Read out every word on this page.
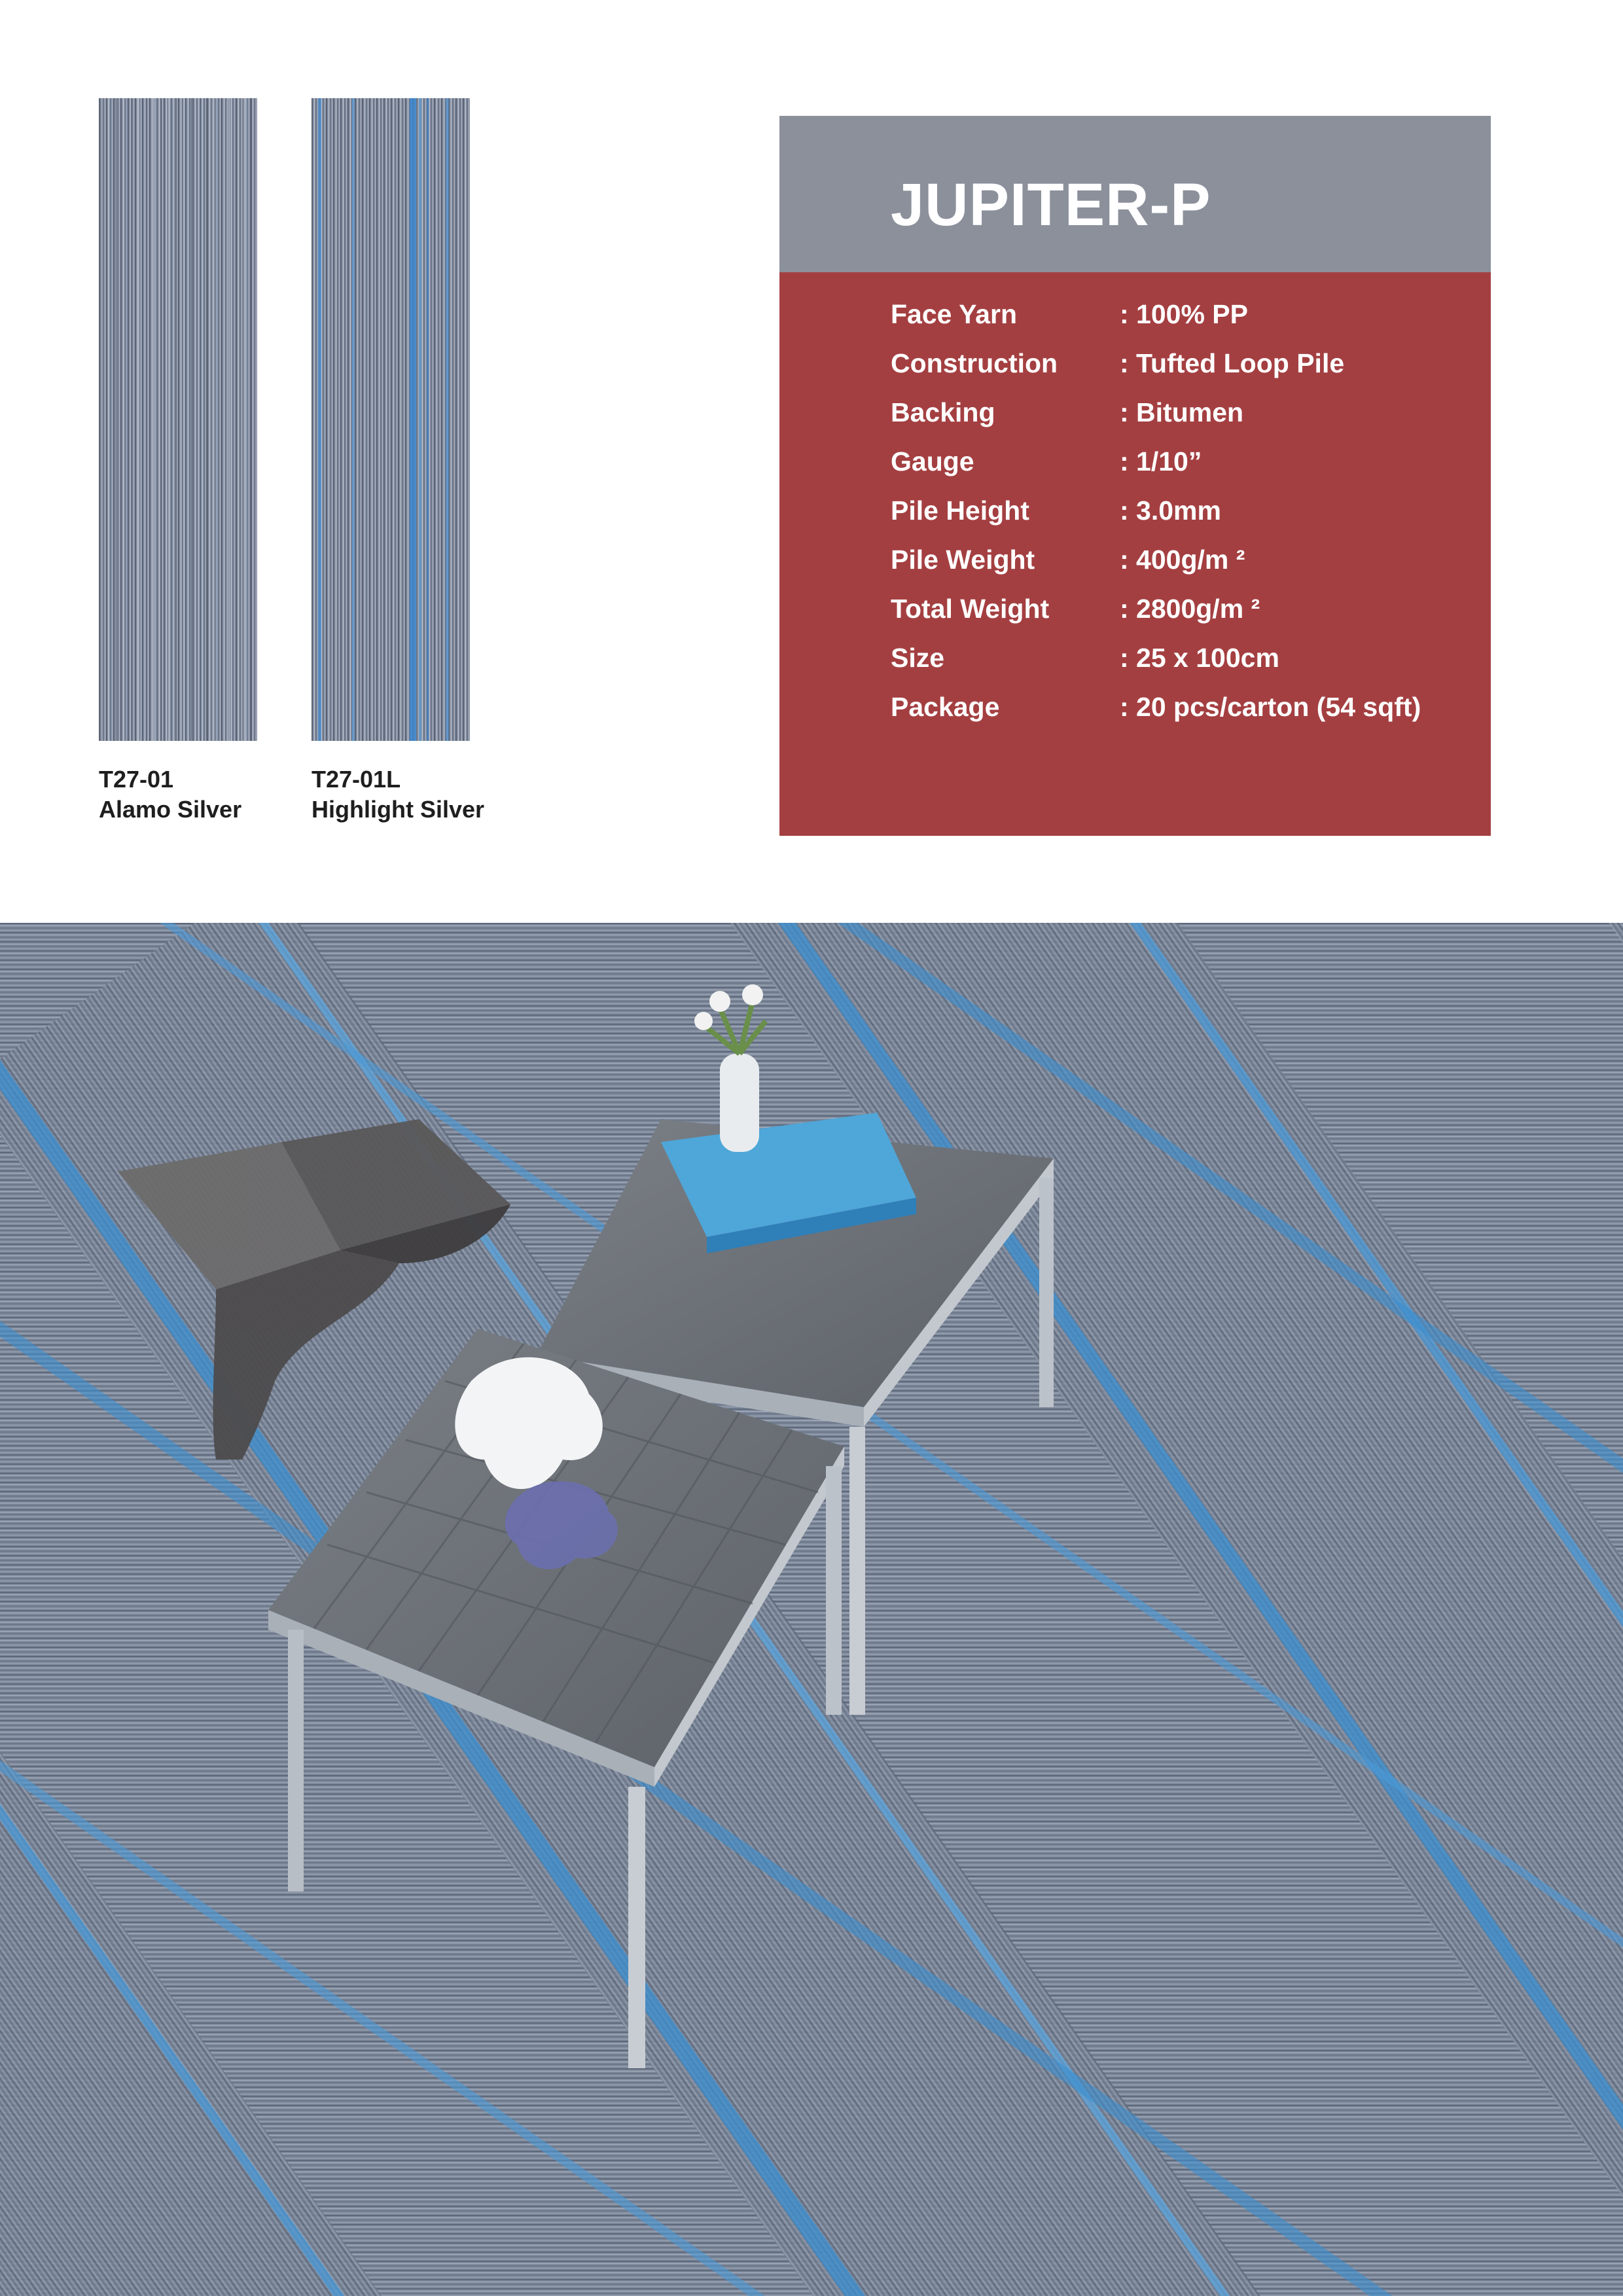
T27-01
Alamo Silver
T27-01L
Highlight Silver
JUPITER-P
Face Yarn	: 100% PP
Construction : Tufted Loop Pile
Backing	: Bitumen
Gauge	: 1/10”
Pile Height	: 3.0mm
Pile Weight	: 400g/m ²
Total Weight	: 2800g/m ²
Size	: 25 x 100cm
Package	: 20 pcs/carton (54 sqft)
